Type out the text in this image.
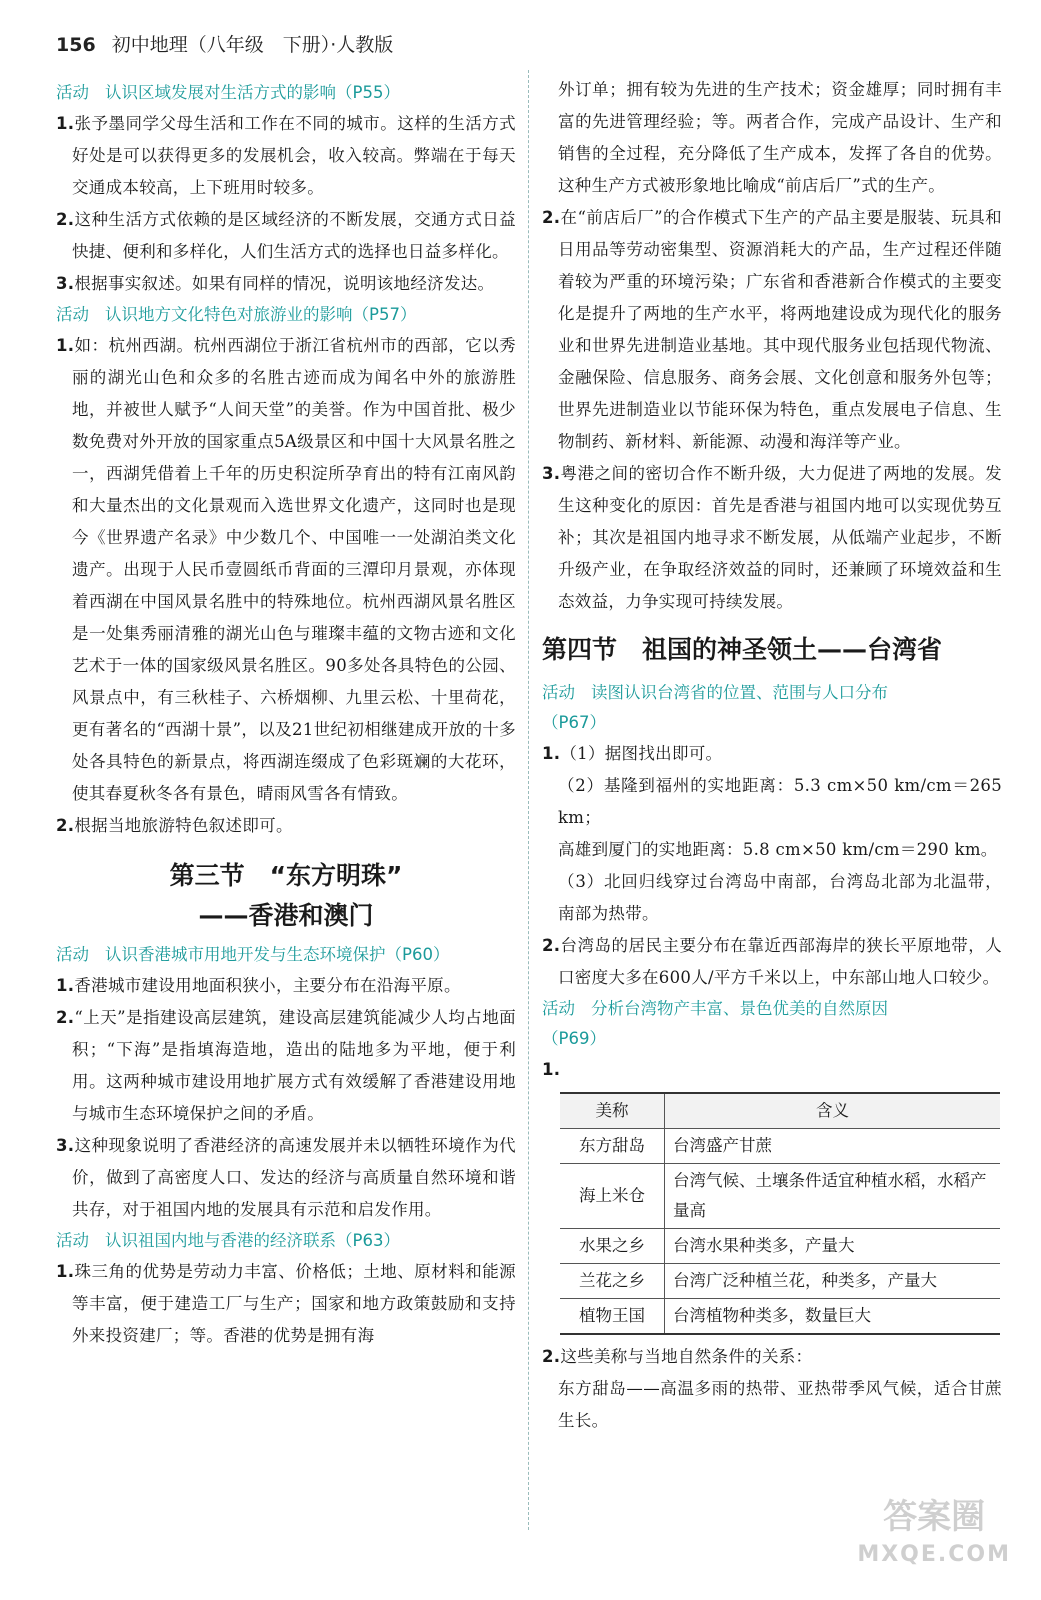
156 初中地理（八年级　下册）·人教版

活动 认识区域发展对生活方式的影响（P55）

1.张予墨同学父母生活和工作在不同的城市。这样的生活方式好处是可以获得更多的发展机会，收入较高。弊端在于每天交通成本较高，上下班用时较多。

2.这种生活方式依赖的是区域经济的不断发展，交通方式日益快捷、便利和多样化，人们生活方式的选择也日益多样化。

3.根据事实叙述。如果有同样的情况，说明该地经济发达。

活动 认识地方文化特色对旅游业的影响（P57）

1.如：杭州西湖。杭州西湖位于浙江省杭州市的西部，它以秀丽的湖光山色和众多的名胜古迹而成为闻名中外的旅游胜地，并被世人赋予“人间天堂”的美誉。作为中国首批、极少数免费对外开放的国家重点5A级景区和中国十大风景名胜之一，西湖凭借着上千年的历史积淀所孕育出的特有江南风韵和大量杰出的文化景观而入选世界文化遗产，这同时也是现今《世界遗产名录》中少数几个、中国唯一一处湖泊类文化遗产。出现于人民币壹圆纸币背面的三潭印月景观，亦体现着西湖在中国风景名胜中的特殊地位。杭州西湖风景名胜区是一处集秀丽清雅的湖光山色与璀璨丰蕴的文物古迹和文化艺术于一体的国家级风景名胜区。90多处各具特色的公园、风景点中，有三秋桂子、六桥烟柳、九里云松、十里荷花，更有著名的“西湖十景”，以及21世纪初相继建成开放的十多处各具特色的新景点，将西湖连缀成了色彩斑斓的大花环，使其春夏秋冬各有景色，晴雨风雪各有情致。

2.根据当地旅游特色叙述即可。

第三节　“东方明珠”
——香港和澳门

活动 认识香港城市用地开发与生态环境保护（P60）

1.香港城市建设用地面积狭小，主要分布在沿海平原。

2.“上天”是指建设高层建筑，建设高层建筑能减少人均占地面积；“下海”是指填海造地，造出的陆地多为平地，便于利用。这两种城市建设用地扩展方式有效缓解了香港建设用地与城市生态环境保护之间的矛盾。

3.这种现象说明了香港经济的高速发展并未以牺牲环境作为代价，做到了高密度人口、发达的经济与高质量自然环境和谐共存，对于祖国内地的发展具有示范和启发作用。

活动 认识祖国内地与香港的经济联系（P63）

1.珠三角的优势是劳动力丰富、价格低；土地、原材料和能源等丰富，便于建造工厂与生产；国家和地方政策鼓励和支持外来投资建厂；等。香港的优势是拥有海

外订单；拥有较为先进的生产技术；资金雄厚；同时拥有丰富的先进管理经验；等。两者合作，完成产品设计、生产和销售的全过程，充分降低了生产成本，发挥了各自的优势。这种生产方式被形象地比喻成“前店后厂”式的生产。

2.在“前店后厂”的合作模式下生产的产品主要是服装、玩具和日用品等劳动密集型、资源消耗大的产品，生产过程还伴随着较为严重的环境污染；广东省和香港新合作模式的主要变化是提升了两地的生产水平，将两地建设成为现代化的服务业和世界先进制造业基地。其中现代服务业包括现代物流、金融保险、信息服务、商务会展、文化创意和服务外包等；世界先进制造业以节能环保为特色，重点发展电子信息、生物制药、新材料、新能源、动漫和海洋等产业。

3.粤港之间的密切合作不断升级，大力促进了两地的发展。发生这种变化的原因：首先是香港与祖国内地可以实现优势互补；其次是祖国内地寻求不断发展，从低端产业起步，不断升级产业，在争取经济效益的同时，还兼顾了环境效益和生态效益，力争实现可持续发展。

第四节　祖国的神圣领土——台湾省

活动 读图认识台湾省的位置、范围与人口分布
（P67）

1.（1）据图找出即可。

（2）基隆到福州的实地距离：5.3 cm×50 km/cm＝265 km；

高雄到厦门的实地距离：5.8 cm×50 km/cm＝290 km。

（3）北回归线穿过台湾岛中南部，台湾岛北部为北温带，南部为热带。

2.台湾岛的居民主要分布在靠近西部海岸的狭长平原地带，人口密度大多在600人/平方千米以上，中东部山地人口较少。

活动 分析台湾物产丰富、景色优美的自然原因
（P69）

1.

美称	含义
东方甜岛	台湾盛产甘蔗
海上米仓	台湾气候、土壤条件适宜种植水稻，水稻产量高
水果之乡	台湾水果种类多，产量大
兰花之乡	台湾广泛种植兰花，种类多，产量大
植物王国	台湾植物种类多，数量巨大

2.这些美称与当地自然条件的关系：

东方甜岛——高温多雨的热带、亚热带季风气候，适合甘蔗生长。

答案圈
MXQE.COM
